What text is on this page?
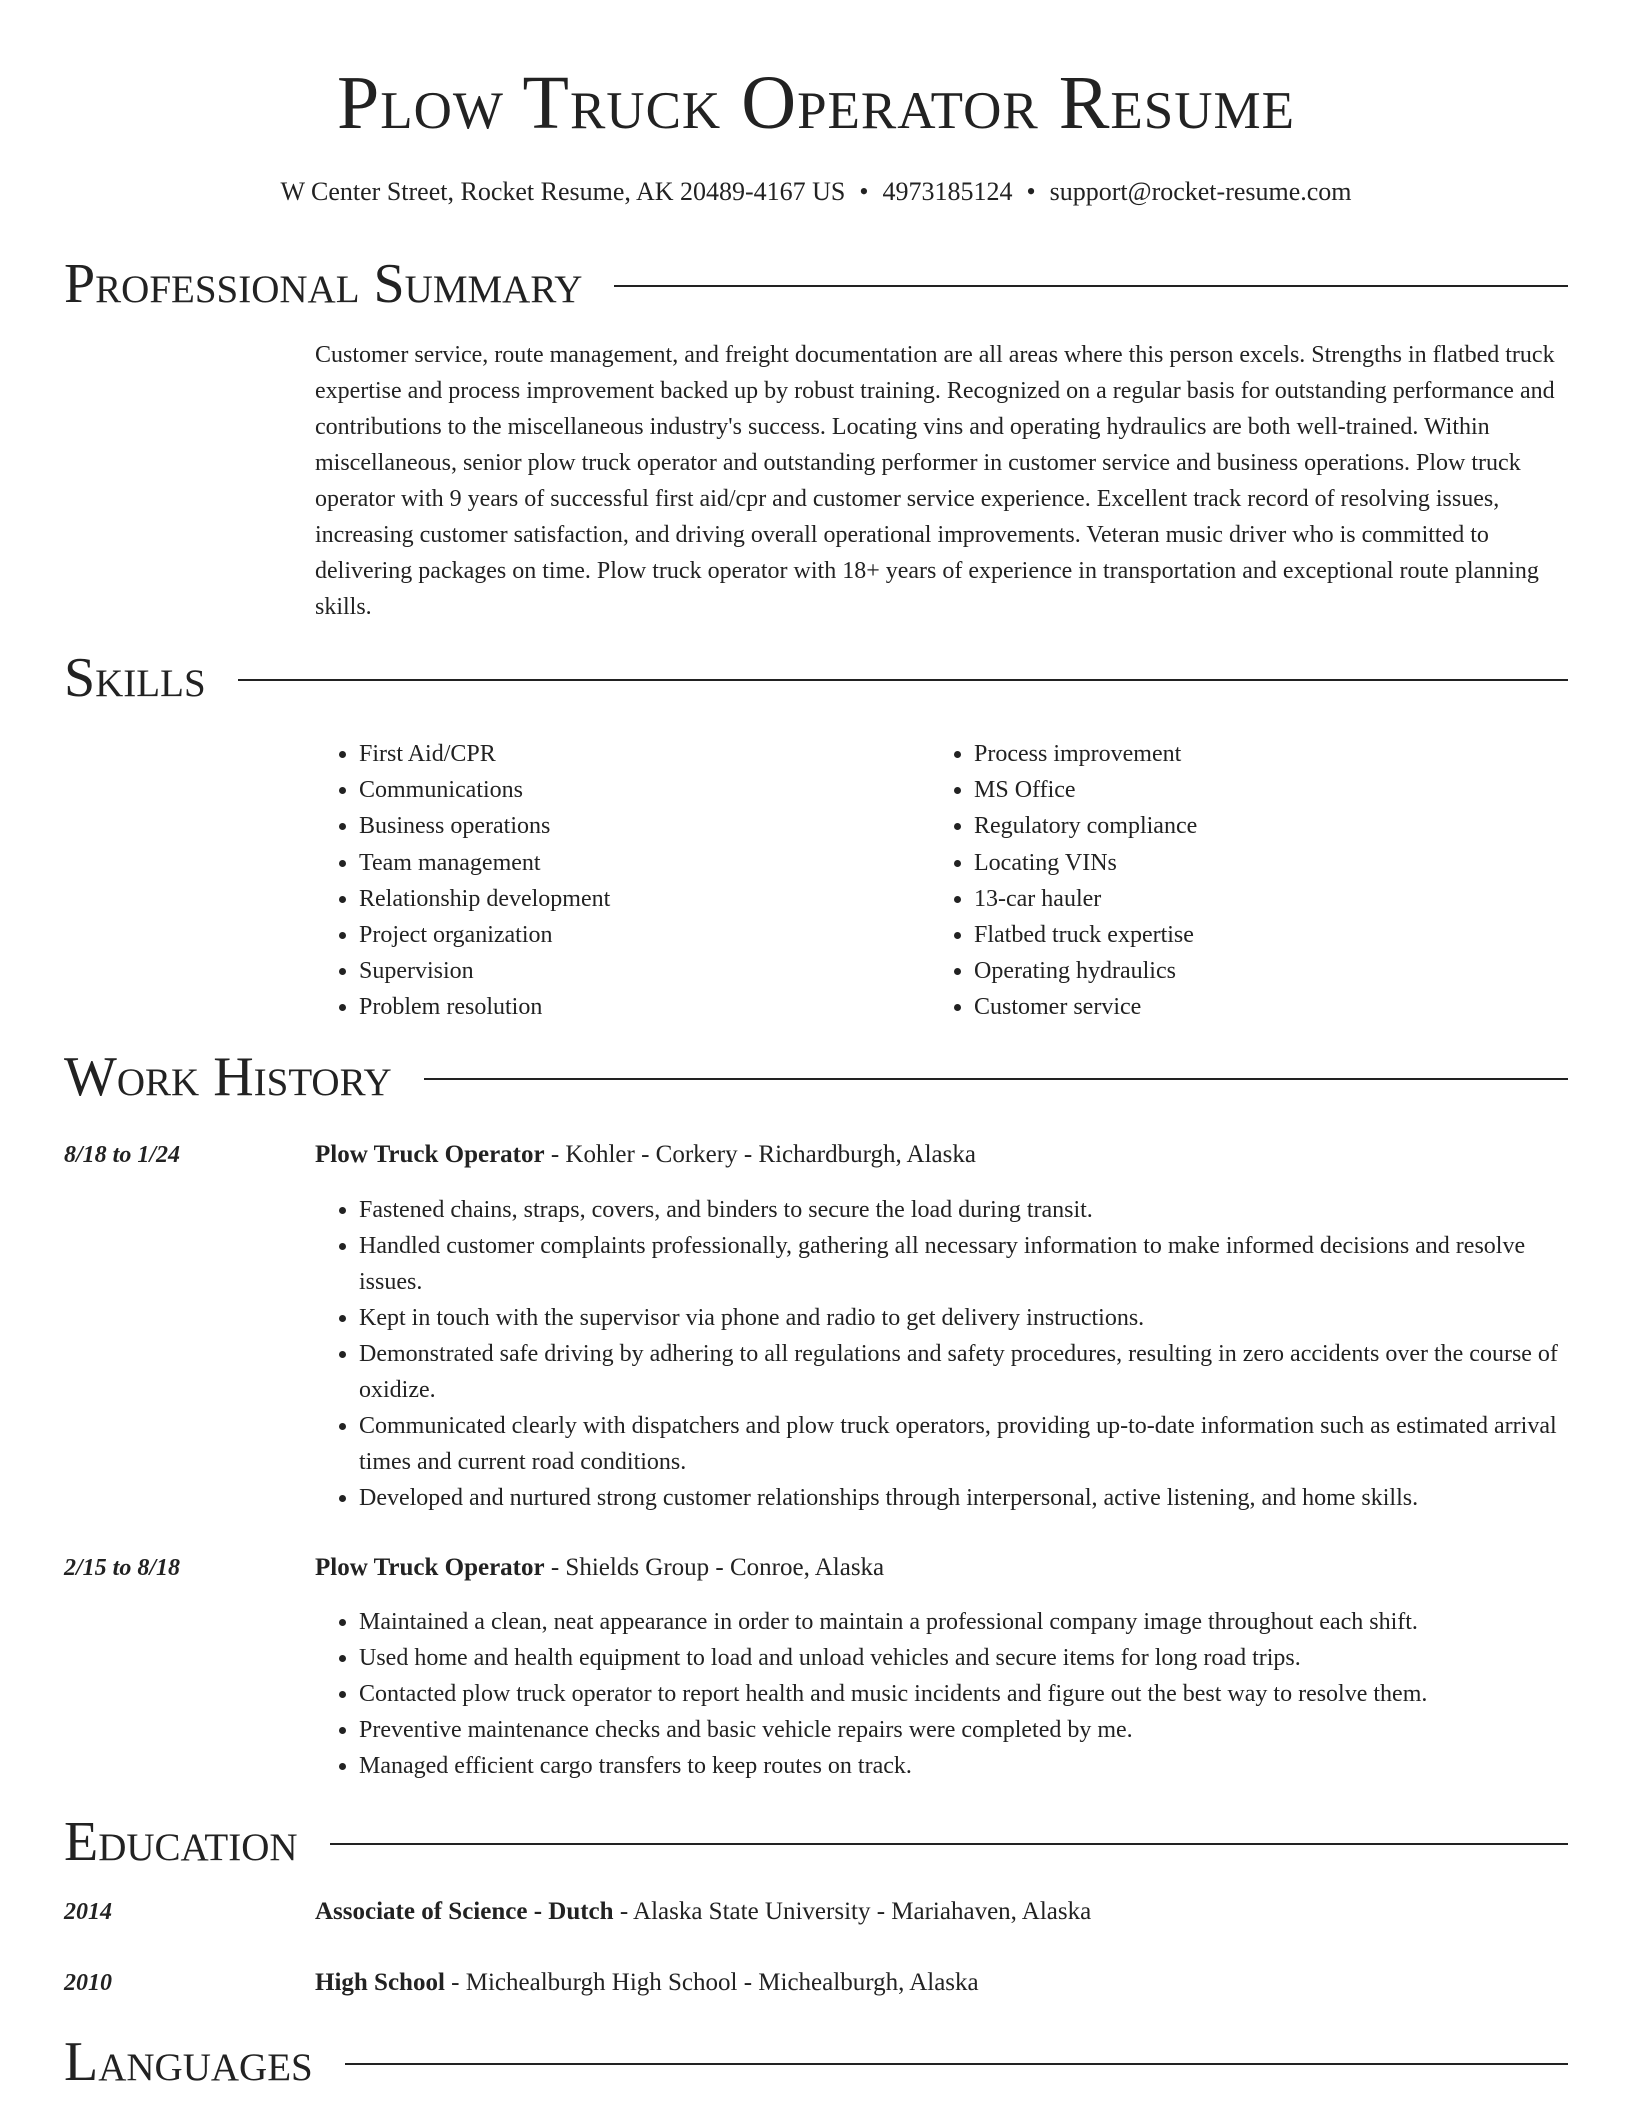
Plow Truck Operator Resume
W Center Street, Rocket Resume, AK 20489-4167 US • 4973185124 • support@rocket-resume.com
Professional Summary

Customer service, route management, and freight documentation are all areas where this person excels. Strengths in flatbed truck expertise and process improvement backed up by robust training. Recognized on a regular basis for outstanding performance and contributions to the miscellaneous industry's success. Locating vins and operating hydraulics are both well-trained. Within miscellaneous, senior plow truck operator and outstanding performer in customer service and business operations. Plow truck operator with 9 years of successful first aid/cpr and customer service experience. Excellent track record of resolving issues, increasing customer satisfaction, and driving overall operational improvements. Veteran music driver who is committed to delivering packages on time. Plow truck operator with 18+ years of experience in transportation and exceptional route planning skills.

Skills
• First Aid/CPR
• Communications
• Business operations
• Team management
• Relationship development
• Project organization
• Supervision
• Problem resolution
• Process improvement
• MS Office
• Regulatory compliance
• Locating VINs
• 13-car hauler
• Flatbed truck expertise
• Operating hydraulics
• Customer service
Work History
8/18 to 1/24	Plow Truck Operator - Kohler - Corkery - Richardburgh, Alaska
• Fastened chains, straps, covers, and binders to secure the load during transit.
• Handled customer complaints professionally, gathering all necessary information to make informed decisions and resolve issues.
• Kept in touch with the supervisor via phone and radio to get delivery instructions.
• Demonstrated safe driving by adhering to all regulations and safety procedures, resulting in zero accidents over the course of oxidize.
• Communicated clearly with dispatchers and plow truck operators, providing up-to-date information such as estimated arrival times and current road conditions.
• Developed and nurtured strong customer relationships through interpersonal, active listening, and home skills.
2/15 to 8/18	Plow Truck Operator - Shields Group - Conroe, Alaska
• Maintained a clean, neat appearance in order to maintain a professional company image throughout each shift.
• Used home and health equipment to load and unload vehicles and secure items for long road trips.
• Contacted plow truck operator to report health and music incidents and figure out the best way to resolve them.
• Preventive maintenance checks and basic vehicle repairs were completed by me.
• Managed efficient cargo transfers to keep routes on track.
Education
2014	Associate of Science - Dutch - Alaska State University - Mariahaven, Alaska
2010	High School - Michealburgh High School - Michealburgh, Alaska
Languages
